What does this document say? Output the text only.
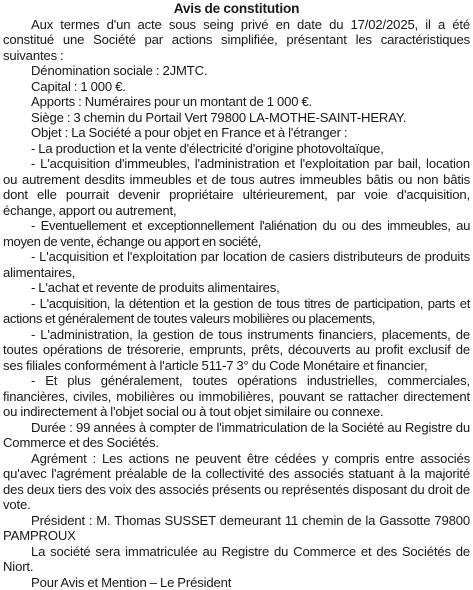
Avis de constitution

Aux termes d'un acte sous seing privé en date du 17/02/2025, il a été constitué une Société par actions simplifiée, présentant les caractéristiques suivantes :

Dénomination sociale : 2JMTC.

Capital : 1 000 €.

Apports : Numéraires pour un montant de 1 000 €.

Siège : 3 chemin du Portail Vert 79800 LA-MOTHE-SAINT-HERAY.

Objet : La Société a pour objet en France et à l'étranger :

- La production et la vente d'électricité d'origine photovoltaïque,

- L'acquisition d'immeubles, l'administration et l'exploitation par bail, location ou autrement desdits immeubles et de tous autres immeubles bâtis ou non bâtis dont elle pourrait devenir propriétaire ultérieurement, par voie d'acquisition, échange, apport ou autrement,

- Eventuellement et exceptionnellement l'aliénation du ou des immeubles, au moyen de vente, échange ou apport en société,

- L'acquisition et l'exploitation par location de casiers distributeurs de produits alimentaires,

- L'achat et revente de produits alimentaires,

- L'acquisition, la détention et la gestion de tous titres de participation, parts et actions et généralement de toutes valeurs mobilières ou placements,

- L'administration, la gestion de tous instruments financiers, placements, de toutes opérations de trésorerie, emprunts, prêts, découverts au profit exclusif de ses filiales conformément à l'article 511-7 3° du Code Monétaire et financier,

- Et plus généralement, toutes opérations industrielles, commerciales, financières, civiles, mobilières ou immobilières, pouvant se rattacher directement ou indirectement à l'objet social ou à tout objet similaire ou connexe.

Durée : 99 années à compter de l'immatriculation de la Société au Registre du Commerce et des Sociétés.

Agrément : Les actions ne peuvent être cédées y compris entre associés qu'avec l'agrément préalable de la collectivité des associés statuant à la majorité des deux tiers des voix des associés présents ou représentés disposant du droit de vote.

Président : M. Thomas SUSSET demeurant 11 chemin de la Gassotte 79800 PAMPROUX

La société sera immatriculée au Registre du Commerce et des Sociétés de Niort.

Pour Avis et Mention – Le Président
